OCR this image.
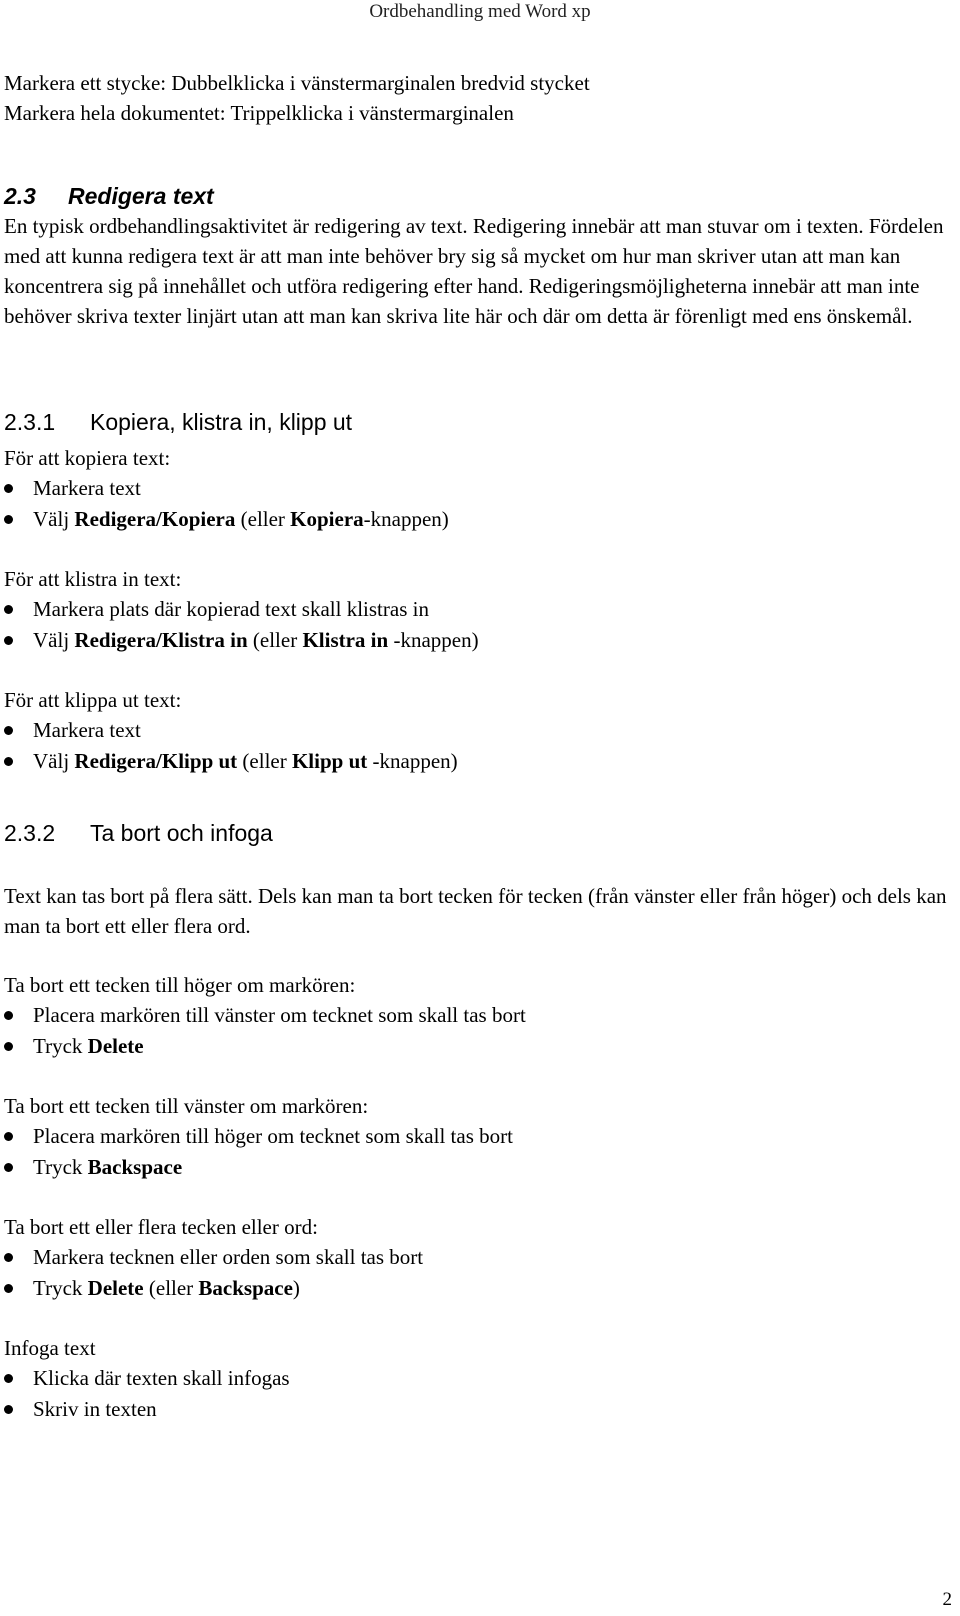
Ordbehandling med Word xp

Markera ett stycke: Dubbelklicka i vänstermarginalen bredvid stycket

Markera hela dokumentet: Trippelklicka i vänstermarginalen

2.3 Redigera text

En typisk ordbehandlingsaktivitet är redigering av text. Redigering innebär att man stuvar om i texten. Fördelen med att kunna redigera text är att man inte behöver bry sig så mycket om hur man skriver utan att man kan koncentrera sig på innehållet och utföra redigering efter hand. Redigeringsmöjligheterna innebär att man inte behöver skriva texter linjärt utan att man kan skriva lite här och där om detta är förenligt med ens önskemål.

2.3.1 Kopiera, klistra in, klipp ut

För att kopiera text:

Markera text
Välj Redigera/Kopiera (eller Kopiera-knappen)

För att klistra in text:

Markera plats där kopierad text skall klistras in
Välj Redigera/Klistra in (eller Klistra in -knappen)

För att klippa ut text:

Markera text
Välj Redigera/Klipp ut (eller Klipp ut -knappen)
2.3.2 Ta bort och infoga

Text kan tas bort på flera sätt. Dels kan man ta bort tecken för tecken (från vänster eller från höger) och dels kan man ta bort ett eller flera ord.

Ta bort ett tecken till höger om markören:

Placera markören till vänster om tecknet som skall tas bort
Tryck Delete

Ta bort ett tecken till vänster om markören:

Placera markören till höger om tecknet som skall tas bort
Tryck Backspace

Ta bort ett eller flera tecken eller ord:

Markera tecknen eller orden som skall tas bort
Tryck Delete (eller Backspace)

Infoga text

Klicka där texten skall infogas
Skriv in texten
2
